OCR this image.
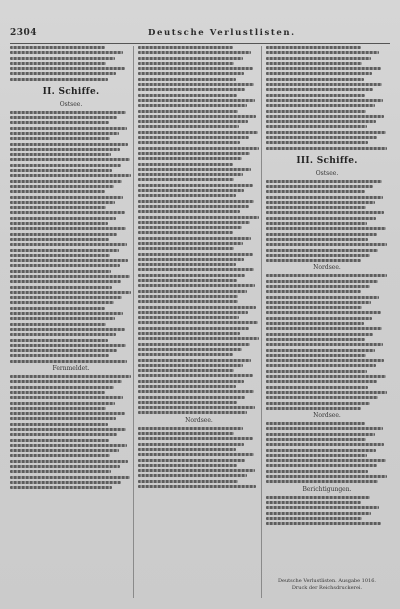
2304	Deutsche Verlustlisten.
II. Schiffe.
Ostsee.
Fernmeldet.
Nordsee.
III. Schiffe.
Ostsee.
Nordsee.
Nordsee.
Berichtigungen.
Deutsche Verlustlisten. Ausgabe 1016.
Druck der Reichsdruckerei.
